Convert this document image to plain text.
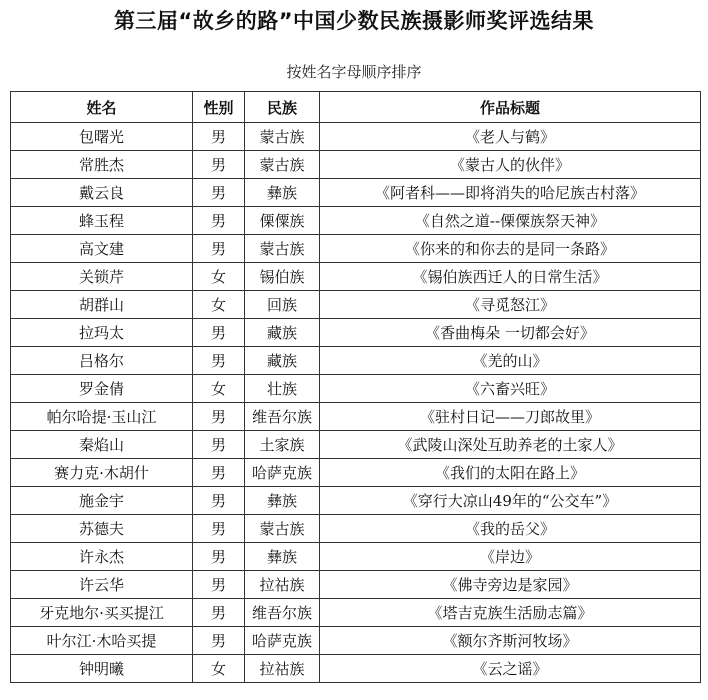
第三届“故乡的路”中国少数民族摄影师奖评选结果
按姓名字母顺序排序
姓名	性别	民族	作品标题
包曙光	男	蒙古族	《老人与鹤》
常胜杰	男	蒙古族	《蒙古人的伙伴》
戴云良	男	彝族	《阿者科——即将消失的哈尼族古村落》
蜂玉程	男	傈僳族	《自然之道--傈僳族祭天神》
高文建	男	蒙古族	《你来的和你去的是同一条路》
关锁芹	女	锡伯族	《锡伯族西迁人的日常生活》
胡群山	女	回族	《寻觅怒江》
拉玛太	男	藏族	《香曲梅朵 一切都会好》
吕格尔	男	藏族	《羌的山》
罗金倩	女	壮族	《六畜兴旺》
帕尔哈提·玉山江	男	维吾尔族	《驻村日记——刀郎故里》
秦焰山	男	土家族	《武陵山深处互助养老的土家人》
赛力克·木胡什	男	哈萨克族	《我们的太阳在路上》
施金宇	男	彝族	《穿行大凉山49年的“公交车”》
苏德夫	男	蒙古族	《我的岳父》
许永杰	男	彝族	《岸边》
许云华	男	拉祜族	《佛寺旁边是家园》
牙克地尔·买买提江	男	维吾尔族	《塔吉克族生活励志篇》
叶尔江·木哈买提	男	哈萨克族	《额尔齐斯河牧场》
钟明曦	女	拉祜族	《云之谣》
